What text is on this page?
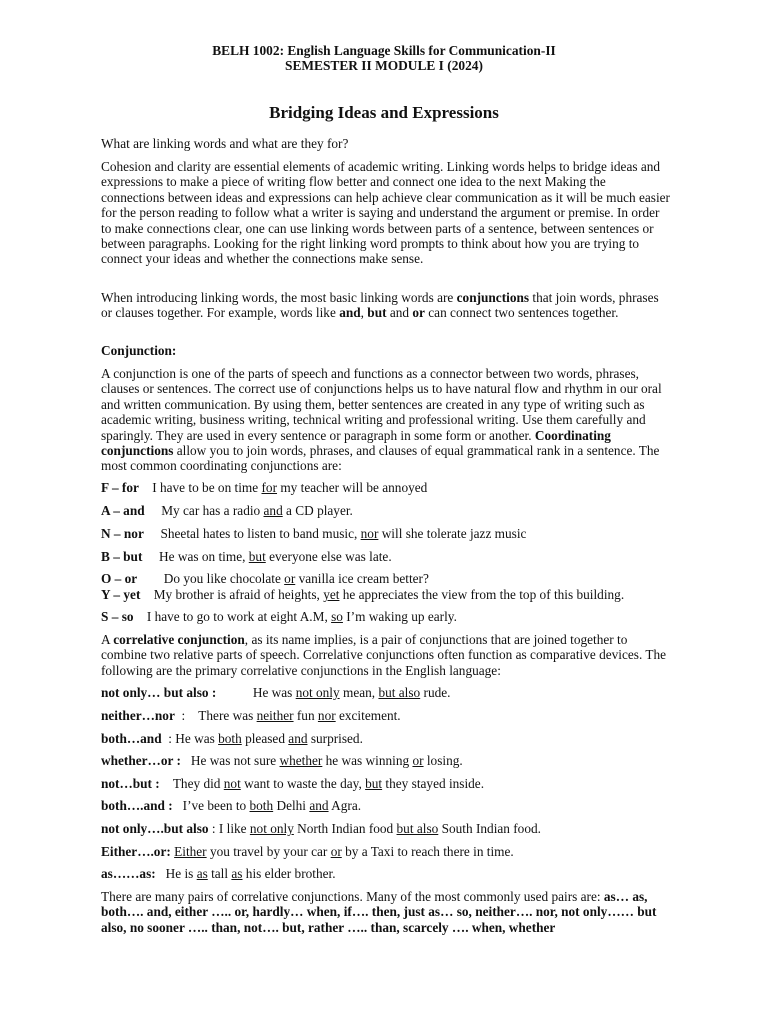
BELH 1002: English Language Skills for Communication-II
SEMESTER II MODULE I (2024)
Bridging Ideas and Expressions

What are linking words and what are they for?

Cohesion and clarity are essential elements of academic writing. Linking words helps to bridge ideas and expressions to make a piece of writing flow better and connect one idea to the next Making the connections between ideas and expressions can help achieve clear communication as it will be much easier for the person reading to follow what a writer is saying and understand the argument or premise. In order to make connections clear, one can use linking words between parts of a sentence, between sentences or between paragraphs. Looking for the right linking word prompts to think about how you are trying to connect your ideas and whether the connections make sense.

When introducing linking words, the most basic linking words are conjunctions that join words, phrases or clauses together. For example, words like and, but and or can connect two sentences together.

Conjunction:

A conjunction is one of the parts of speech and functions as a connector between two words, phrases, clauses or sentences. The correct use of conjunctions helps us to have natural flow and rhythm in our oral and written communication. By using them, better sentences are created in any type of writing such as academic writing, business writing, technical writing and professional writing. Use them carefully and sparingly. They are used in every sentence or paragraph in some form or another. Coordinating conjunctions allow you to join words, phrases, and clauses of equal grammatical rank in a sentence. The most common coordinating conjunctions are:

F – for I have to be on time for my teacher will be annoyed
A – and My car has a radio and a CD player.
N – nor Sheetal hates to listen to band music, nor will she tolerate jazz music
B – but He was on time, but everyone else was late.
O – or Do you like chocolate or vanilla ice cream better?
Y – yet My brother is afraid of heights, yet he appreciates the view from the top of this building.
S – so I have to go to work at eight A.M, so I’m waking up early.

A correlative conjunction, as its name implies, is a pair of conjunctions that are joined together to combine two relative parts of speech. Correlative conjunctions often function as comparative devices. The following are the primary correlative conjunctions in the English language:

not only… but also :	He was not only mean, but also rude.
neither…nor  : There was neither fun nor excitement.
both…and  : He was both pleased and surprised.
whether…or : He was not sure whether he was winning or losing.
not…but : They did not want to waste the day, but they stayed inside.
both….and : I’ve been to both Delhi and Agra.
not only….but also : I like not only North Indian food but also South Indian food.
Either….or: Either you travel by your car or by a Taxi to reach there in time.
as……as: He is as tall as his elder brother.

There are many pairs of correlative conjunctions. Many of the most commonly used pairs are: as… as, both…. and, either ….. or, hardly… when, if…. then, just as… so, neither…. nor, not only…… but also, no sooner ….. than, not…. but, rather ….. than, scarcely …. when, whether
